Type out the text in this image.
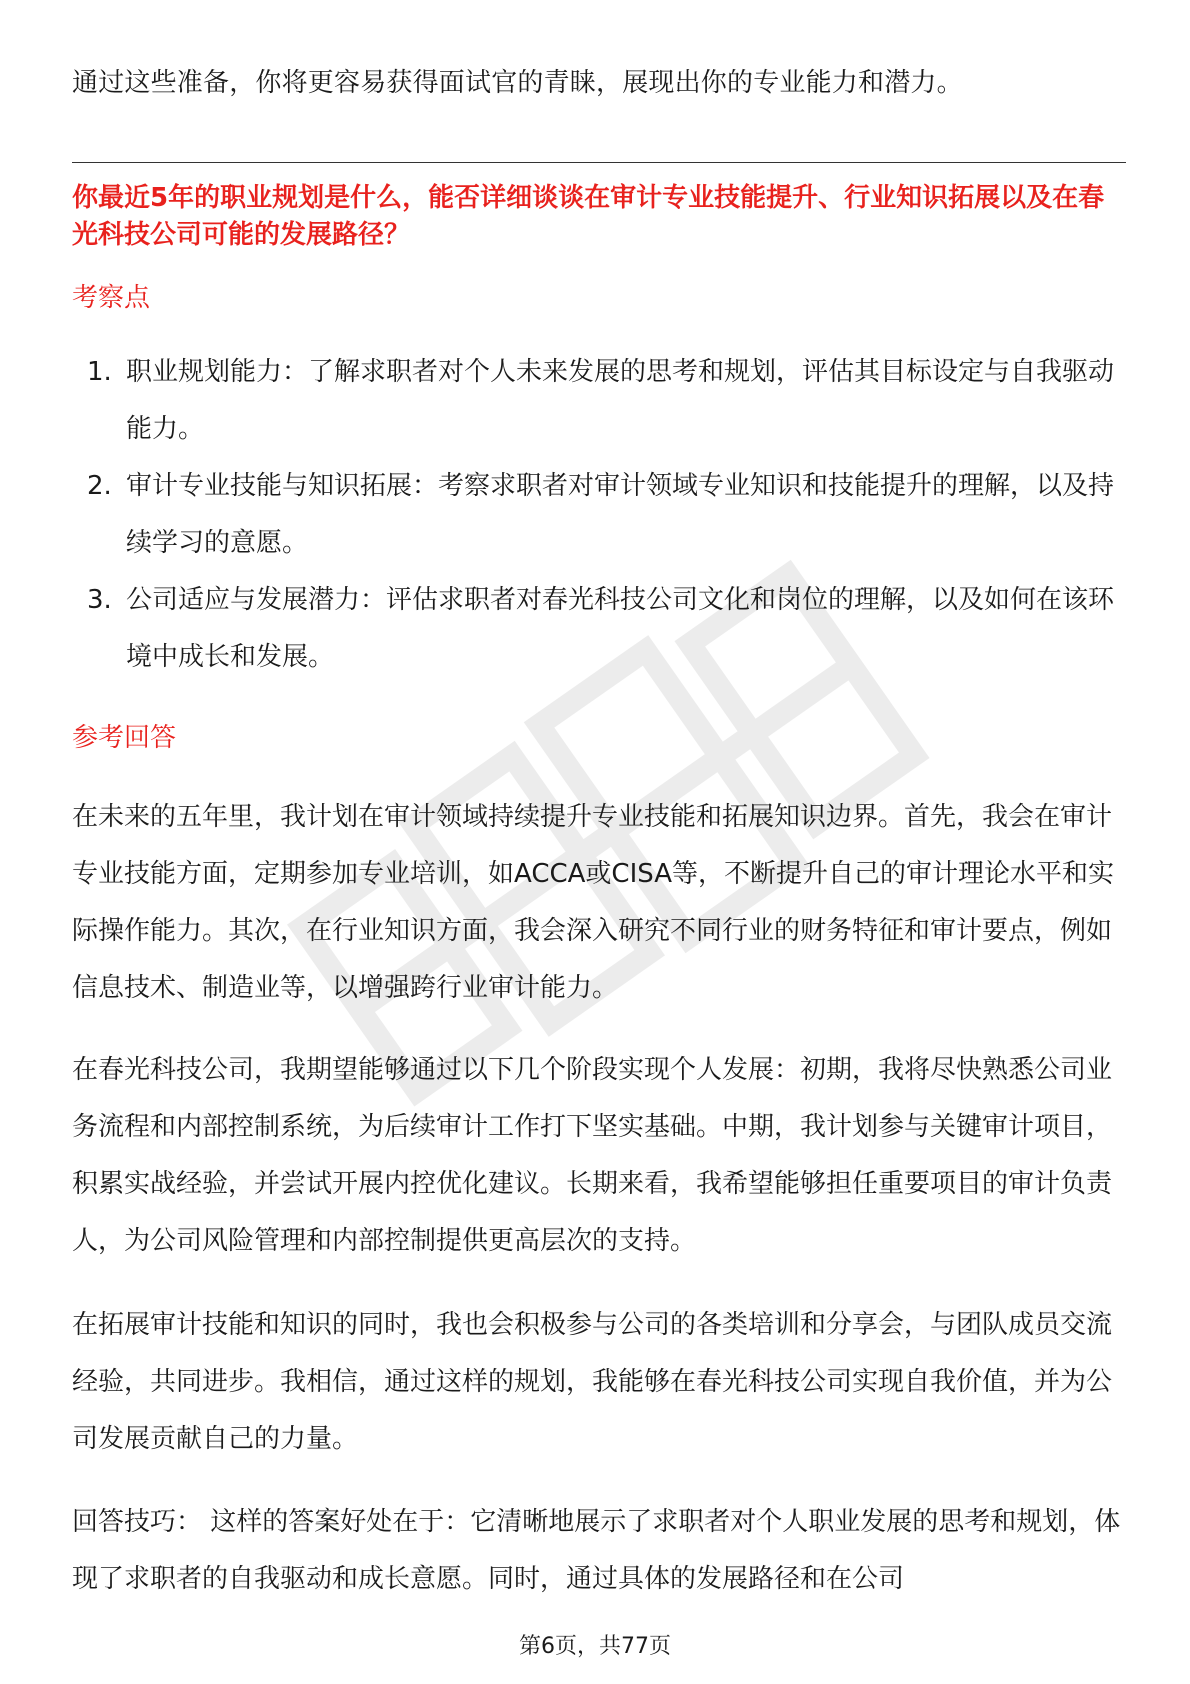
通过这些准备，你将更容易获得面试官的青睐，展现出你的专业能力和潜力。

你最近5年的职业规划是什么，能否详细谈谈在审计专业技能提升、行业知识拓展以及在春光科技公司可能的发展路径？

考察点

1. 职业规划能力：了解求职者对个人未来发展的思考和规划，评估其目标设定与自我驱动能力。
2. 审计专业技能与知识拓展：考察求职者对审计领域专业知识和技能提升的理解，以及持续学习的意愿。
3. 公司适应与发展潜力：评估求职者对春光科技公司文化和岗位的理解，以及如何在该环境中成长和发展。

参考回答

在未来的五年里，我计划在审计领域持续提升专业技能和拓展知识边界。首先，我会在审计专业技能方面，定期参加专业培训，如ACCA或CISA等，不断提升自己的审计理论水平和实际操作能力。其次，在行业知识方面，我会深入研究不同行业的财务特征和审计要点，例如信息技术、制造业等，以增强跨行业审计能力。

在春光科技公司，我期望能够通过以下几个阶段实现个人发展：初期，我将尽快熟悉公司业务流程和内部控制系统，为后续审计工作打下坚实基础。中期，我计划参与关键审计项目，积累实战经验，并尝试开展内控优化建议。长期来看，我希望能够担任重要项目的审计负责人，为公司风险管理和内部控制提供更高层次的支持。

在拓展审计技能和知识的同时，我也会积极参与公司的各类培训和分享会，与团队成员交流经验，共同进步。我相信，通过这样的规划，我能够在春光科技公司实现自我价值，并为公司发展贡献自己的力量。

回答技巧： 这样的答案好处在于：它清晰地展示了求职者对个人职业发展的思考和规划，体现了求职者的自我驱动和成长意愿。同时，通过具体的发展路径和在公司

第6页，共77页
